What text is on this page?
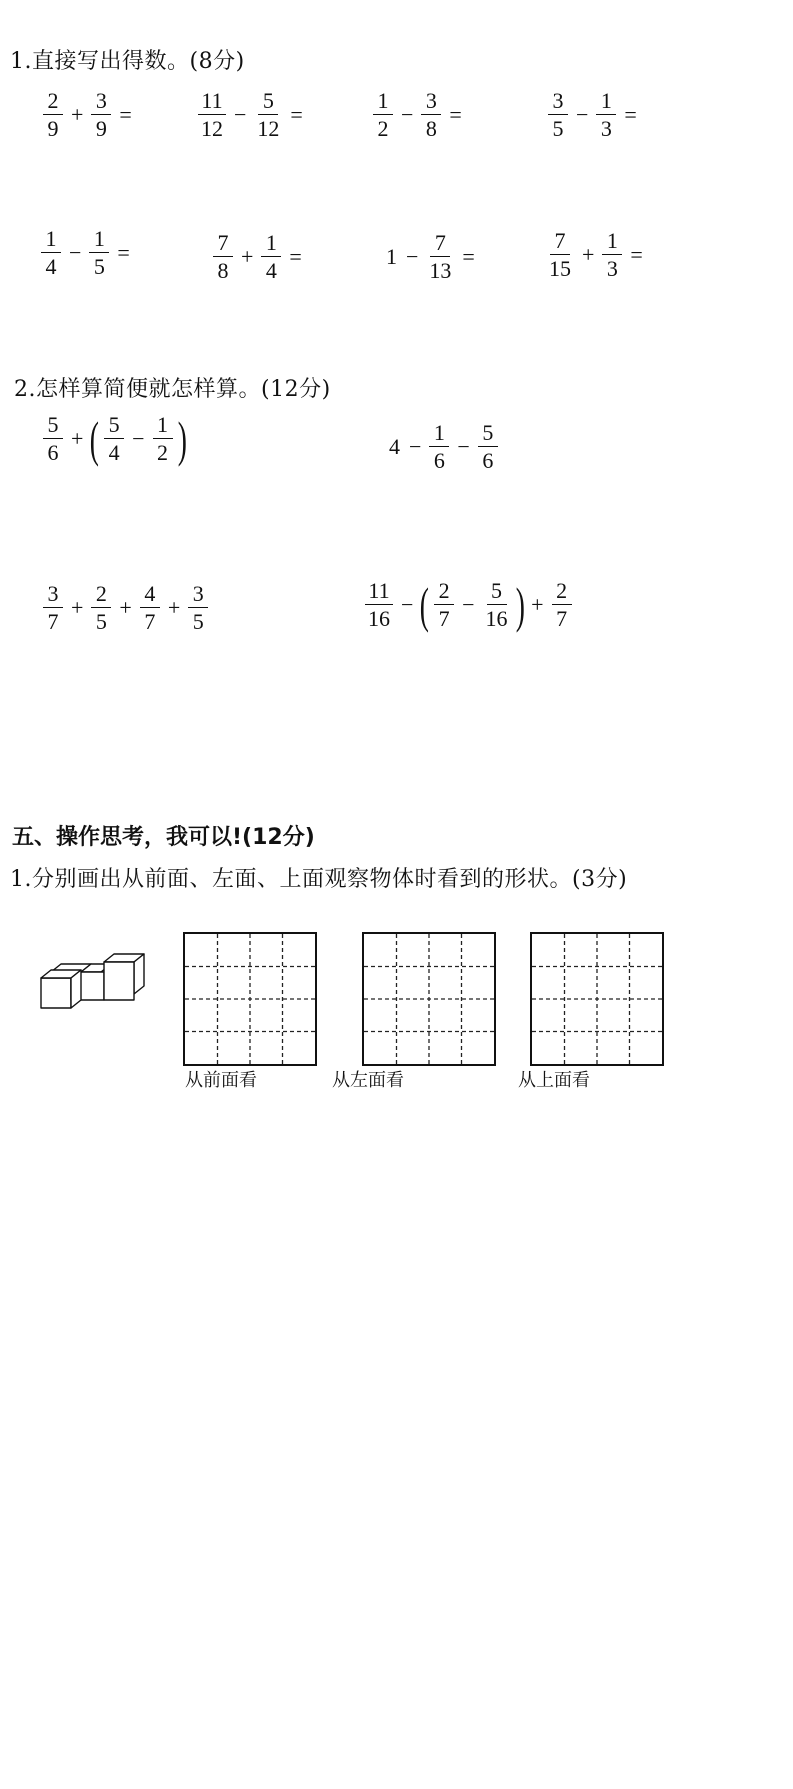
1.直接写出得数。(8分)
$\frac{2}{9} + \frac{3}{9}$ =	$\frac{11}{12} - \frac{5}{12}$ =	$\frac{1}{2} - \frac{3}{8}$ =	$\frac{3}{5} - \frac{1}{3}$ =
$\frac{1}{4} - \frac{1}{5}$ =	$\frac{7}{8} + \frac{1}{4}$ =	$1 - \frac{7}{13}$ =	$\frac{7}{15} + \frac{1}{3}$ =
2.怎样算简便就怎样算。(12分)
$\frac{5}{6}$ + ( $\frac{5}{4} - \frac{1}{2}$ )	$4 - \frac{1}{6} - \frac{5}{6}$
$\frac{3}{7} + \frac{2}{5} + \frac{4}{7} + \frac{3}{5}$	$\frac{11}{16}$ − ( $\frac{2}{7} - \frac{5}{16}$ ) + $\frac{2}{7}$
五、操作思考，我可以!(12分)
1.分别画出从前面、左面、上面观察物体时看到的形状。(3分)
从前面看	从左面看	从上面看
